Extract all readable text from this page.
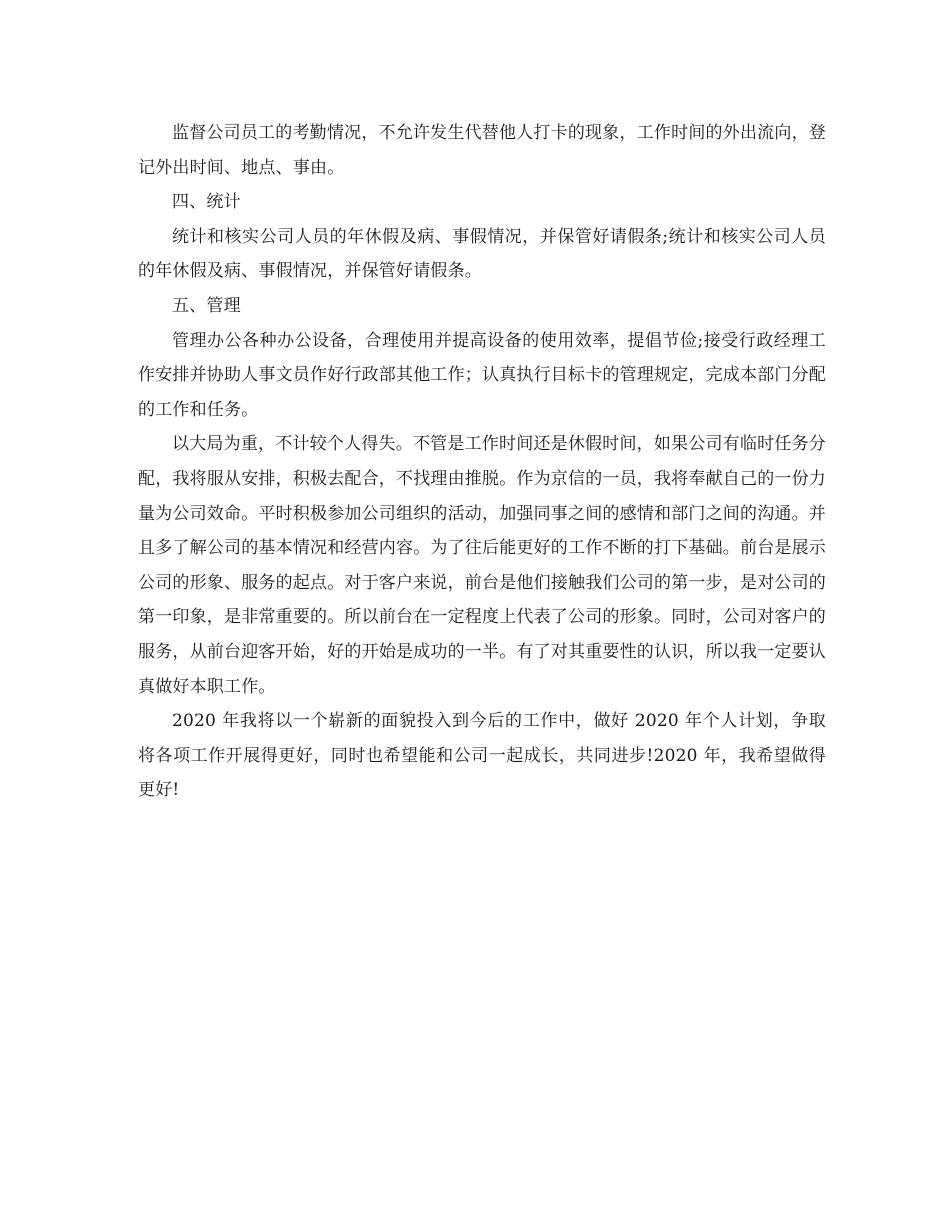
监督公司员工的考勤情况，不允许发生代替他人打卡的现象，工作时间的外出流向，登记外出时间、地点、事由。

四、统计

统计和核实公司人员的年休假及病、事假情况，并保管好请假条;统计和核实公司人员的年休假及病、事假情况，并保管好请假条。

五、管理

管理办公各种办公设备，合理使用并提高设备的使用效率，提倡节俭;接受行政经理工作安排并协助人事文员作好行政部其他工作；认真执行目标卡的管理规定，完成本部门分配的工作和任务。

以大局为重，不计较个人得失。不管是工作时间还是休假时间，如果公司有临时任务分配，我将服从安排，积极去配合，不找理由推脱。作为京信的一员，我将奉献自己的一份力量为公司效命。平时积极参加公司组织的活动，加强同事之间的感情和部门之间的沟通。并且多了解公司的基本情况和经营内容。为了往后能更好的工作不断的打下基础。前台是展示公司的形象、服务的起点。对于客户来说，前台是他们接触我们公司的第一步，是对公司的第一印象，是非常重要的。所以前台在一定程度上代表了公司的形象。同时，公司对客户的服务，从前台迎客开始，好的开始是成功的一半。有了对其重要性的认识，所以我一定要认真做好本职工作。

2020 年我将以一个崭新的面貌投入到今后的工作中，做好 2020 年个人计划，争取将各项工作开展得更好，同时也希望能和公司一起成长，共同进步!2020 年，我希望做得更好!
